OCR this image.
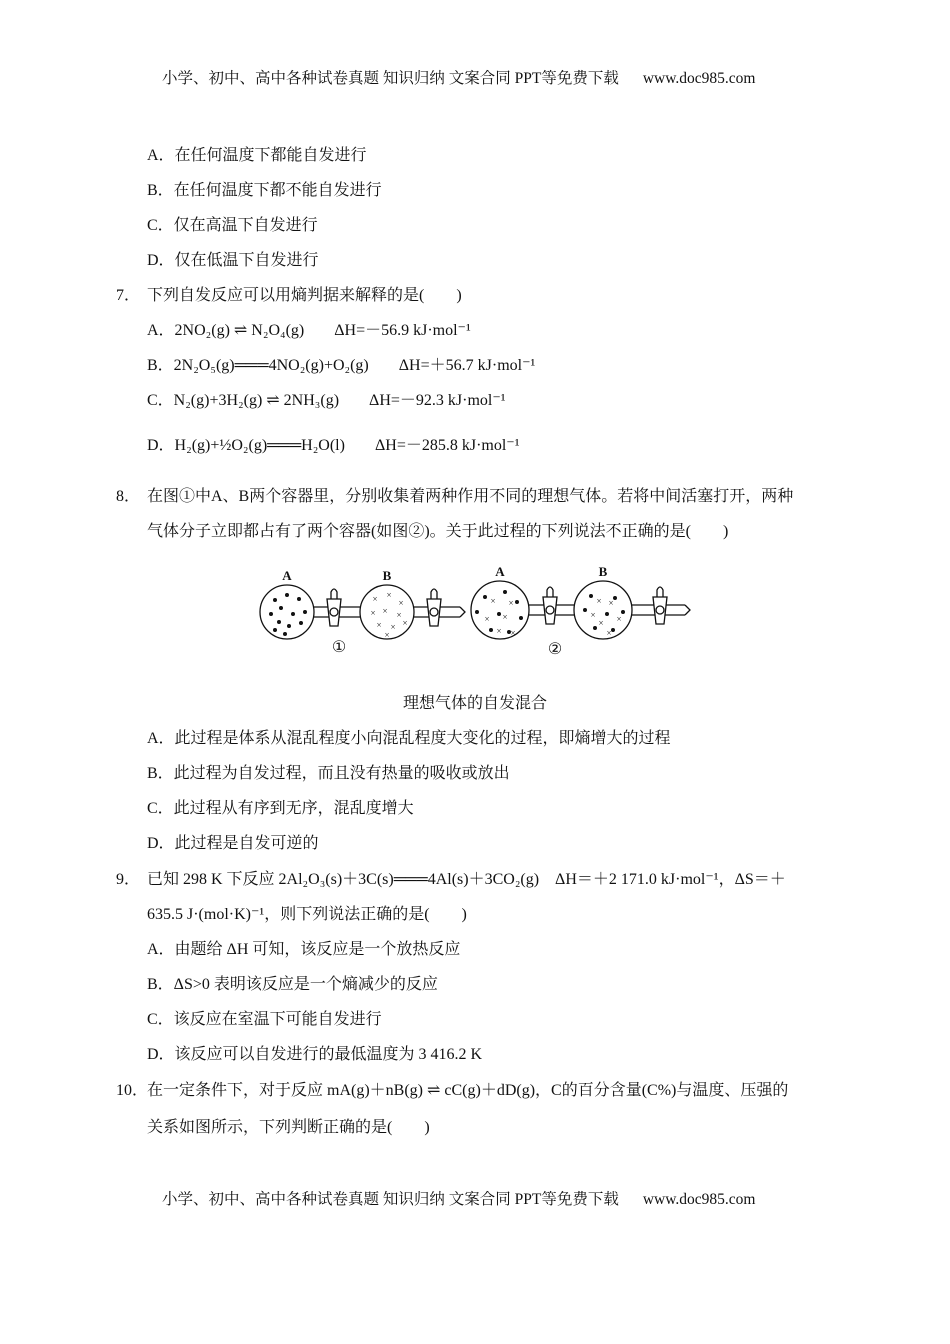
小学、初中、高中各种试卷真题 知识归纳 文案合同 PPT等免费下载 www.doc985.com
A．在任何温度下都能自发进行
B．在任何温度下都不能自发进行
C．仅在高温下自发进行
D．仅在低温下自发进行
7． 下列自发反应可以用熵判据来解释的是(　　)
A．2NO₂(g) ⇌ N₂O₄(g) ΔH=－56.9 kJ·mol⁻¹
B．2N₂O₅(g)═══4NO₂(g)+O₂(g) ΔH=＋56.7 kJ·mol⁻¹
C．N₂(g)+3H₂(g) ⇌ 2NH₃(g) ΔH=－92.3 kJ·mol⁻¹
D．H₂(g)+½O₂(g)═══H₂O(l) ΔH=－285.8 kJ·mol⁻¹
8． 在图①中A、B两个容器里，分别收集着两种作用不同的理想气体。若将中间活塞打开，两种
气体分子立即都占有了两个容器(如图②)。关于此过程的下列说法不正确的是(　　)
× ×
×
× × ×
× × ×
×
× ×
× ×
× ×
× ×
× ×
×
×
A	B	A	B
①	②
理想气体的自发混合
A．此过程是体系从混乱程度小向混乱程度大变化的过程，即熵增大的过程
B．此过程为自发过程，而且没有热量的吸收或放出
C．此过程从有序到无序，混乱度增大
D．此过程是自发可逆的
9． 已知 298 K 下反应 2Al₂O₃(s)＋3C(s)═══4Al(s)＋3CO₂(g)　ΔH＝＋2 171.0 kJ·mol⁻¹，ΔS＝＋
635.5 J·(mol·K)⁻¹，则下列说法正确的是(　　)
A．由题给 ΔH 可知，该反应是一个放热反应
B．ΔS>0 表明该反应是一个熵减少的反应
C．该反应在室温下可能自发进行
D．该反应可以自发进行的最低温度为 3 416.2 K
10．在一定条件下，对于反应 mA(g)＋nB(g) ⇌ cC(g)＋dD(g)，C的百分含量(C%)与温度、压强的
关系如图所示，下列判断正确的是(　　)
小学、初中、高中各种试卷真题 知识归纳 文案合同 PPT等免费下载 www.doc985.com
